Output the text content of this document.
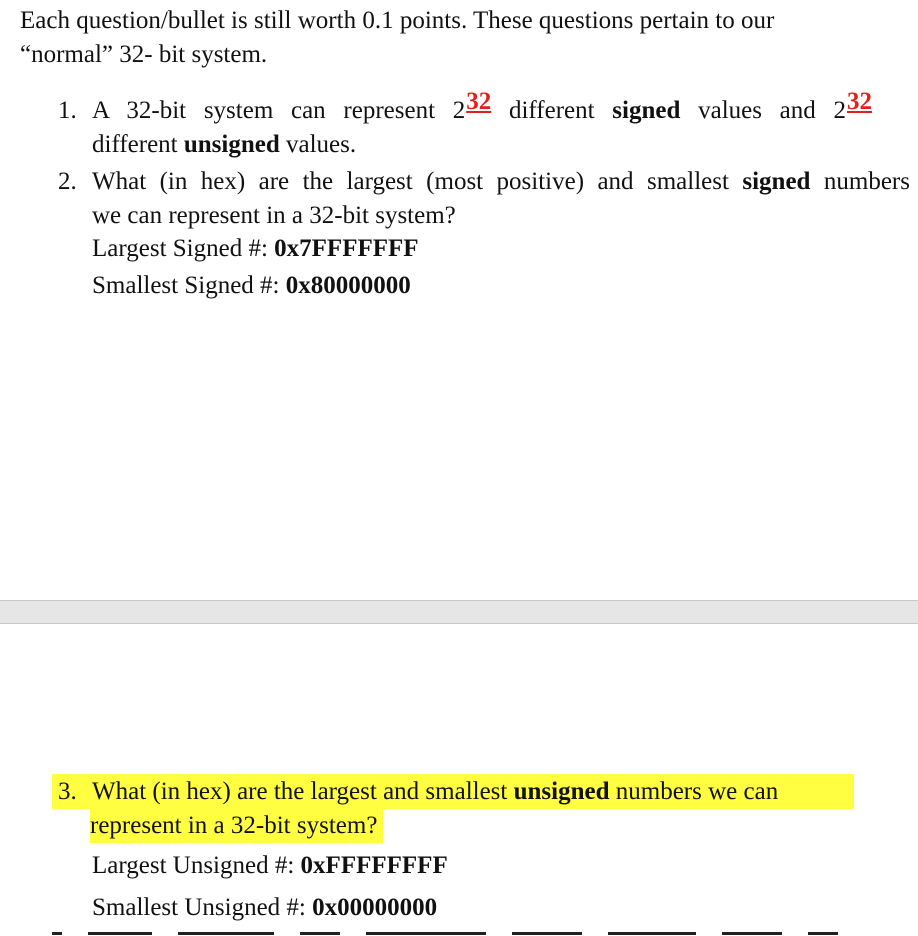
Each question/bullet is still worth 0.1 points. These questions pertain to our
“normal” 32- bit system.

1. A 32-bit system can represent 232 different signed values and 232
different unsigned values.
2. What (in hex) are the largest (most positive) and smallest signed numbers
we can represent in a 32-bit system?
Largest Signed #: 0x7FFFFFFF
Smallest Signed #: 0x80000000
3. What (in hex) are the largest and smallest unsigned numbers we can
represent in a 32-bit system?
Largest Unsigned #: 0xFFFFFFFF
Smallest Unsigned #: 0x00000000
